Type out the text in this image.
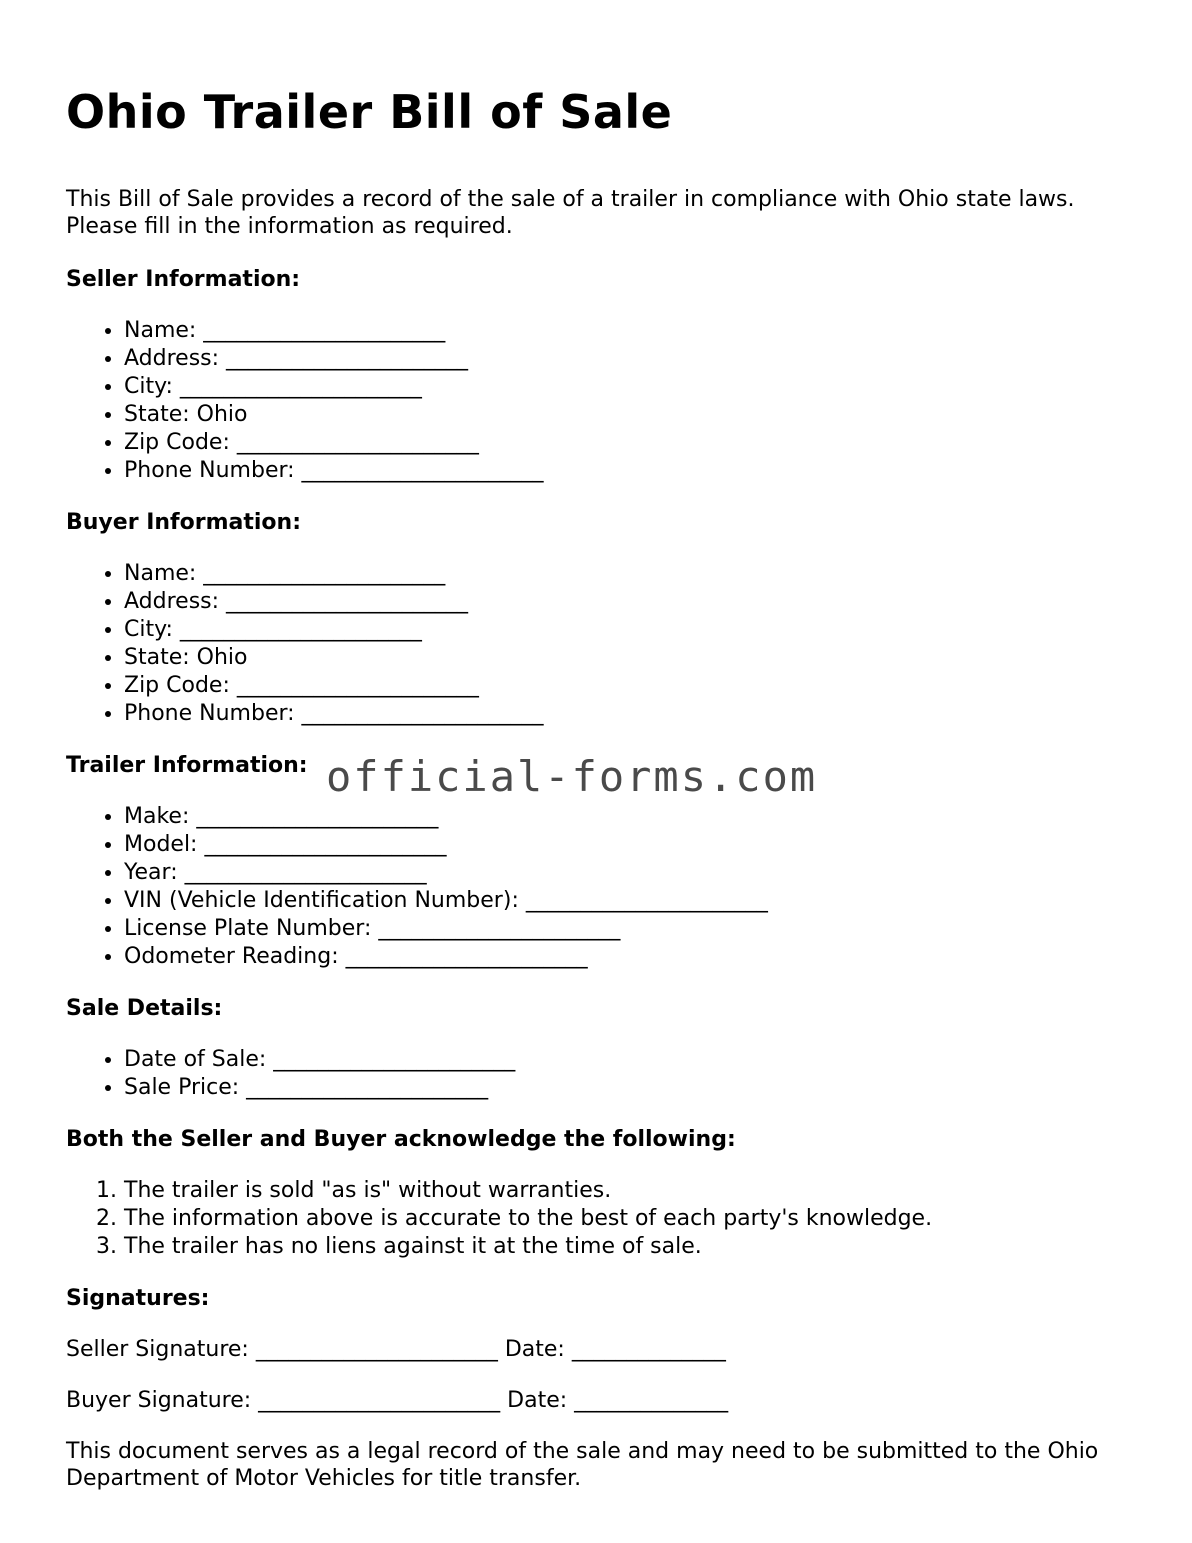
Ohio Trailer Bill of Sale

This Bill of Sale provides a record of the sale of a trailer in compliance with Ohio state laws. Please fill in the information as required.

Seller Information:
• Name: ______________________
• Address: ______________________
• City: ______________________
• State: Ohio
• Zip Code: ______________________
• Phone Number: ______________________
Buyer Information:
• Name: ______________________
• Address: ______________________
• City: ______________________
• State: Ohio
• Zip Code: ______________________
• Phone Number: ______________________
Trailer Information:
• Make: ______________________
• Model: ______________________
• Year: ______________________
• VIN (Vehicle Identification Number): ______________________
• License Plate Number: ______________________
• Odometer Reading: ______________________
Sale Details:
• Date of Sale: ______________________
• Sale Price: ______________________
Both the Seller and Buyer acknowledge the following:
1. The trailer is sold "as is" without warranties.
2. The information above is accurate to the best of each party's knowledge.
3. The trailer has no liens against it at the time of sale.
Signatures:
Seller Signature: ______________________ Date: ______________
Buyer Signature: ______________________ Date: ______________

This document serves as a legal record of the sale and may need to be submitted to the Ohio Department of Motor Vehicles for title transfer.

official-forms.com
